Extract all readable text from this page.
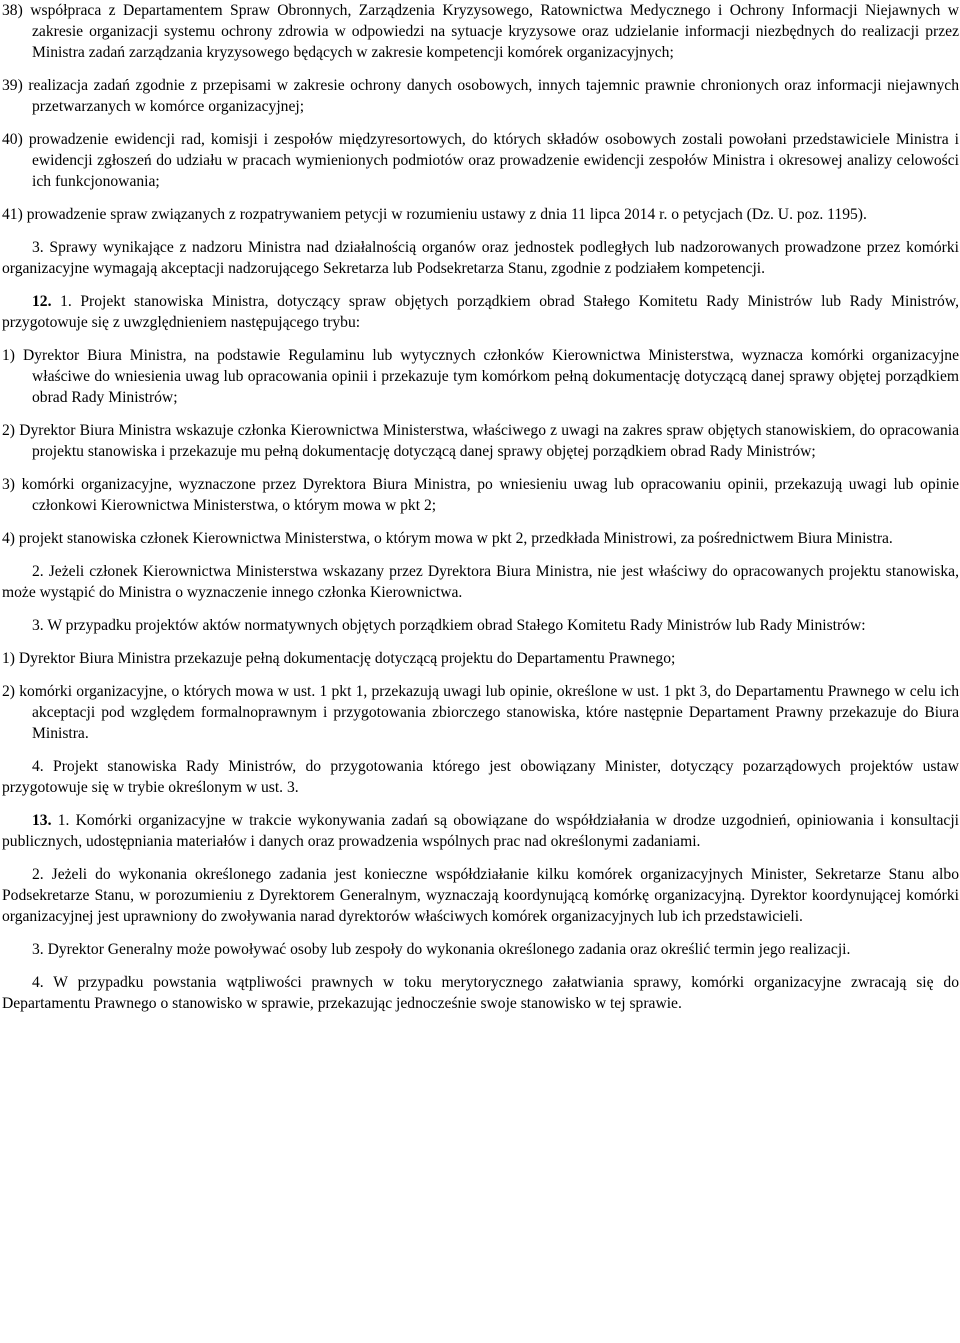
38) współpraca z Departamentem Spraw Obronnych, Zarządzenia Kryzysowego, Ratownictwa Medycznego i Ochrony Informacji Niejawnych w zakresie organizacji systemu ochrony zdrowia w odpowiedzi na sytuacje kryzysowe oraz udzielanie informacji niezbędnych do realizacji przez Ministra zadań zarządzania kryzysowego będących w zakresie kompetencji komórek organizacyjnych;

39) realizacja zadań zgodnie z przepisami w zakresie ochrony danych osobowych, innych tajemnic prawnie chronionych oraz informacji niejawnych przetwarzanych w komórce organizacyjnej;

40) prowadzenie ewidencji rad, komisji i zespołów międzyresortowych, do których składów osobowych zostali powołani przedstawiciele Ministra i ewidencji zgłoszeń do udziału w pracach wymienionych podmiotów oraz prowadzenie ewidencji zespołów Ministra i okresowej analizy celowości ich funkcjonowania;

41) prowadzenie spraw związanych z rozpatrywaniem petycji w rozumieniu ustawy z dnia 11 lipca 2014 r. o petycjach (Dz. U. poz. 1195).

3. Sprawy wynikające z nadzoru Ministra nad działalnością organów oraz jednostek podległych lub nadzorowanych prowadzone przez komórki organizacyjne wymagają akceptacji nadzorującego Sekretarza lub Podsekretarza Stanu, zgodnie z podziałem kompetencji.

12. 1. Projekt stanowiska Ministra, dotyczący spraw objętych porządkiem obrad Stałego Komitetu Rady Ministrów lub Rady Ministrów, przygotowuje się z uwzględnieniem następującego trybu:

1) Dyrektor Biura Ministra, na podstawie Regulaminu lub wytycznych członków Kierownictwa Ministerstwa, wyznacza komórki organizacyjne właściwe do wniesienia uwag lub opracowania opinii i przekazuje tym komórkom pełną dokumentację dotyczącą danej sprawy objętej porządkiem obrad Rady Ministrów;

2) Dyrektor Biura Ministra wskazuje członka Kierownictwa Ministerstwa, właściwego z uwagi na zakres spraw objętych stanowiskiem, do opracowania projektu stanowiska i przekazuje mu pełną dokumentację dotyczącą danej sprawy objętej porządkiem obrad Rady Ministrów;

3) komórki organizacyjne, wyznaczone przez Dyrektora Biura Ministra, po wniesieniu uwag lub opracowaniu opinii, przekazują uwagi lub opinie członkowi Kierownictwa Ministerstwa, o którym mowa w pkt 2;

4) projekt stanowiska członek Kierownictwa Ministerstwa, o którym mowa w pkt 2, przedkłada Ministrowi, za pośrednictwem Biura Ministra.

2. Jeżeli członek Kierownictwa Ministerstwa wskazany przez Dyrektora Biura Ministra, nie jest właściwy do opracowanych projektu stanowiska, może wystąpić do Ministra o wyznaczenie innego członka Kierownictwa.

3. W przypadku projektów aktów normatywnych objętych porządkiem obrad Stałego Komitetu Rady Ministrów lub Rady Ministrów:

1) Dyrektor Biura Ministra przekazuje pełną dokumentację dotyczącą projektu do Departamentu Prawnego;

2) komórki organizacyjne, o których mowa w ust. 1 pkt 1, przekazują uwagi lub opinie, określone w ust. 1 pkt 3, do Departamentu Prawnego w celu ich akceptacji pod względem formalnoprawnym i przygotowania zbiorczego stanowiska, które następnie Departament Prawny przekazuje do Biura Ministra.

4. Projekt stanowiska Rady Ministrów, do przygotowania którego jest obowiązany Minister, dotyczący pozarządowych projektów ustaw przygotowuje się w trybie określonym w ust. 3.

13. 1. Komórki organizacyjne w trakcie wykonywania zadań są obowiązane do współdziałania w drodze uzgodnień, opiniowania i konsultacji publicznych, udostępniania materiałów i danych oraz prowadzenia wspólnych prac nad określonymi zadaniami.

2. Jeżeli do wykonania określonego zadania jest konieczne współdziałanie kilku komórek organizacyjnych Minister, Sekretarze Stanu albo Podsekretarze Stanu, w porozumieniu z Dyrektorem Generalnym, wyznaczają koordynującą komórkę organizacyjną. Dyrektor koordynującej komórki organizacyjnej jest uprawniony do zwoływania narad dyrektorów właściwych komórek organizacyjnych lub ich przedstawicieli.

3. Dyrektor Generalny może powoływać osoby lub zespoły do wykonania określonego zadania oraz określić termin jego realizacji.

4. W przypadku powstania wątpliwości prawnych w toku merytorycznego załatwiania sprawy, komórki organizacyjne zwracają się do Departamentu Prawnego o stanowisko w sprawie, przekazując jednocześnie swoje stanowisko w tej sprawie.
